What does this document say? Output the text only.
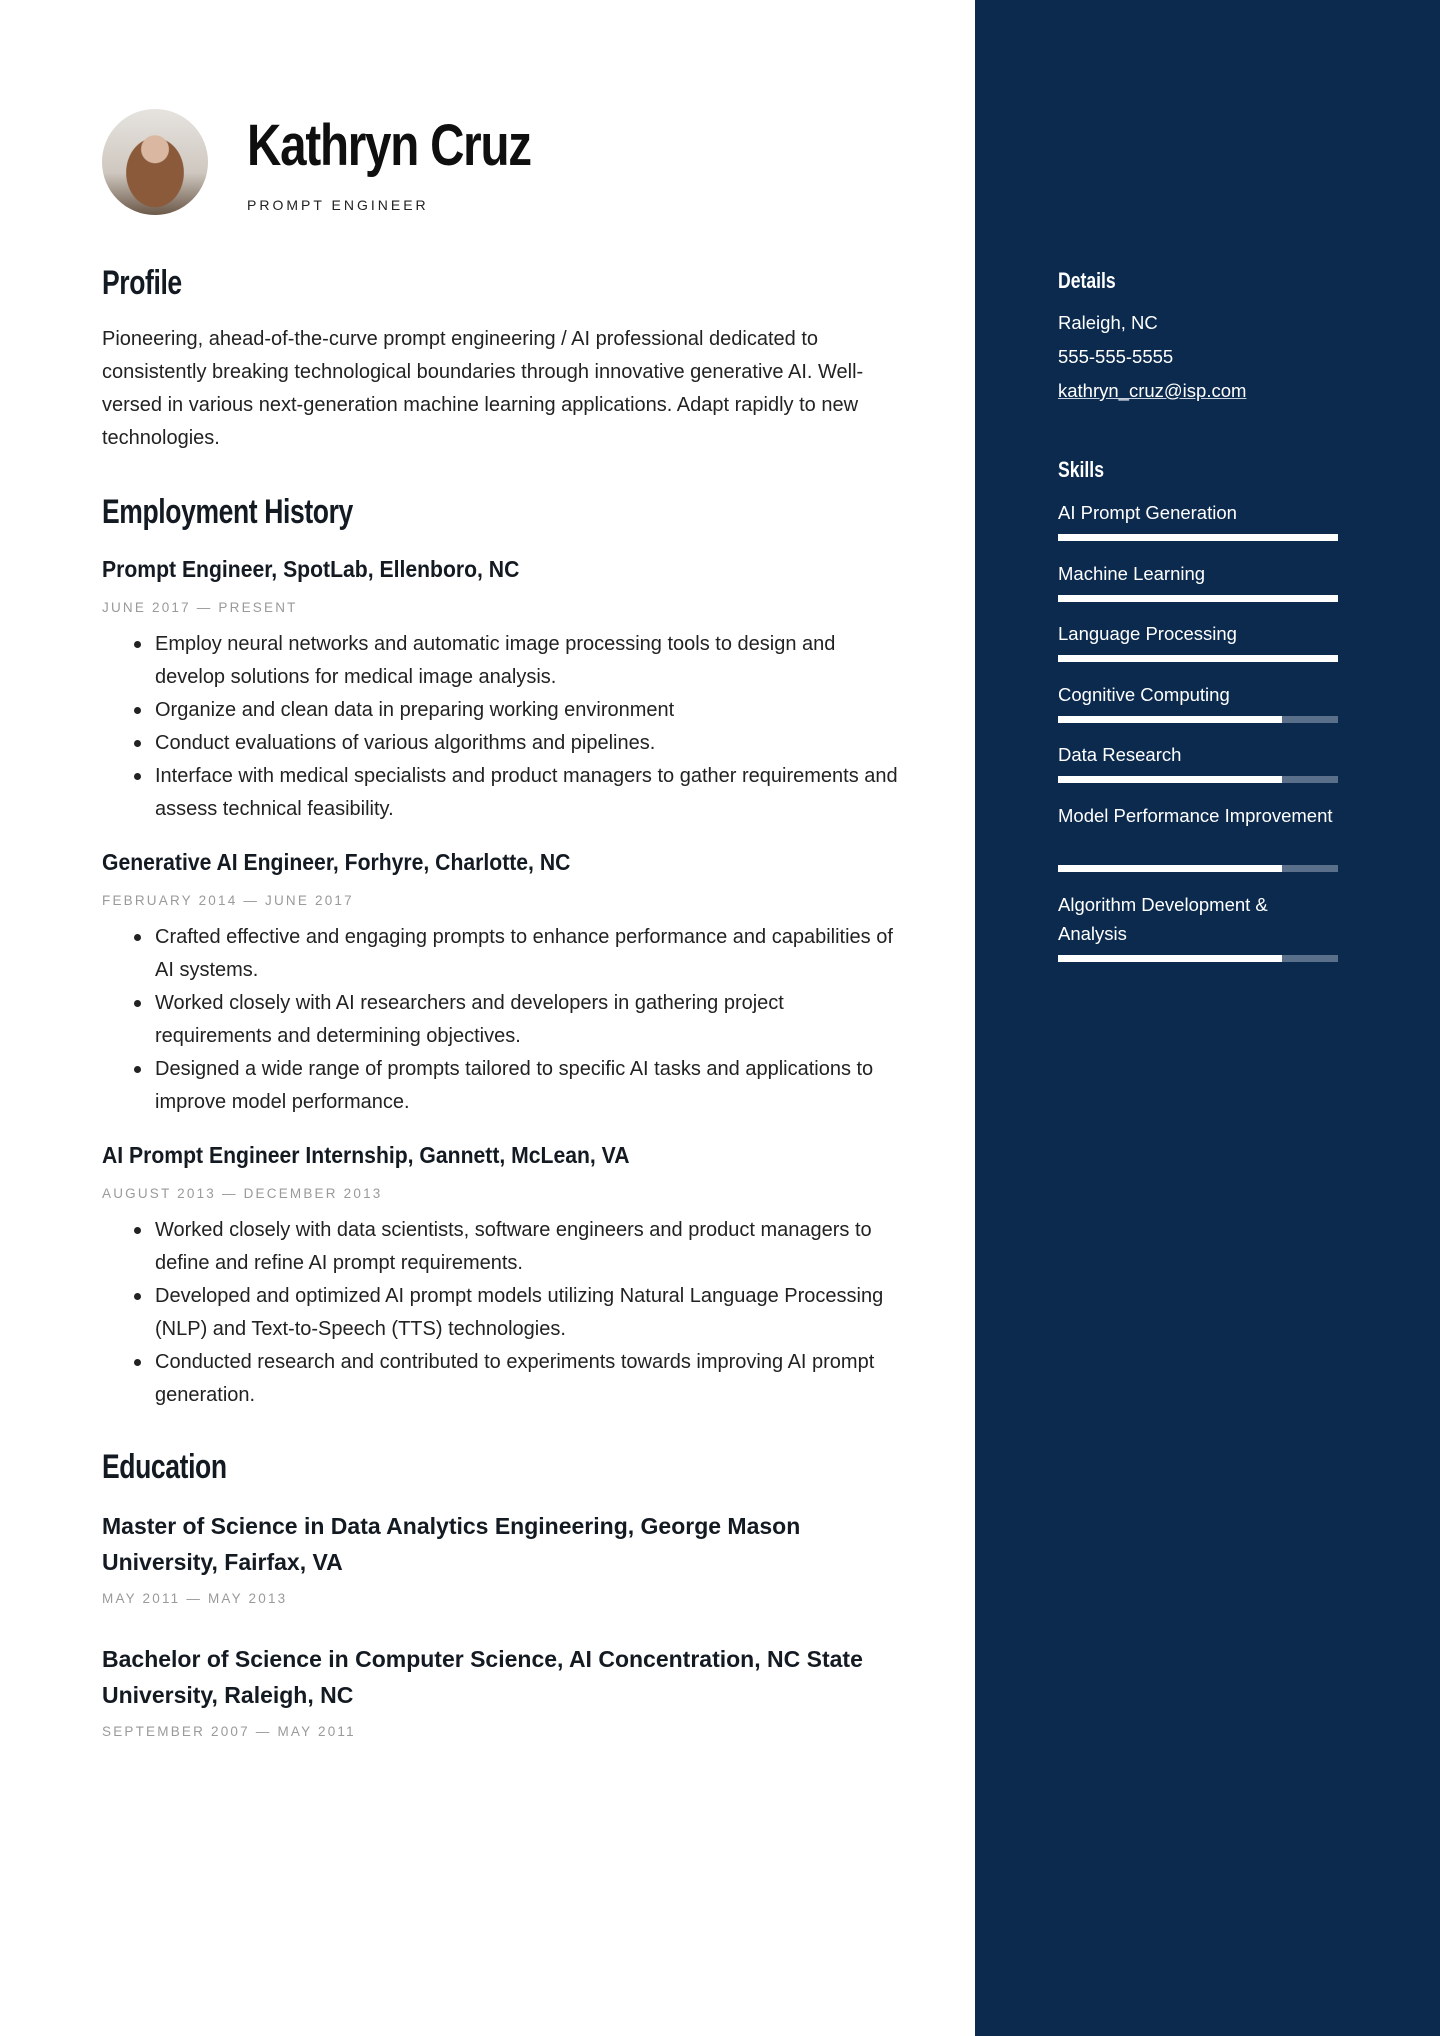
Kathryn Cruz
PROMPT ENGINEER
Profile
Pioneering, ahead-of-the-curve prompt engineering / AI professional dedicated to consistently breaking technological boundaries through innovative generative AI. Well-versed in various next-generation machine learning applications. Adapt rapidly to new technologies.
Employment History
Prompt Engineer, SpotLab, Ellenboro, NC
JUNE 2017 — PRESENT
Employ neural networks and automatic image processing tools to design and develop solutions for medical image analysis.
Organize and clean data in preparing working environment
Conduct evaluations of various algorithms and pipelines.
Interface with medical specialists and product managers to gather requirements and assess technical feasibility.
Generative AI Engineer, Forhyre, Charlotte, NC
FEBRUARY 2014 — JUNE 2017
Crafted effective and engaging prompts to enhance performance and capabilities of AI systems.
Worked closely with AI researchers and developers in gathering project requirements and determining objectives.
Designed a wide range of prompts tailored to specific AI tasks and applications to improve model performance.
AI Prompt Engineer Internship, Gannett, McLean, VA
AUGUST 2013 — DECEMBER 2013
Worked closely with data scientists, software engineers and product managers to define and refine AI prompt requirements.
Developed and optimized AI prompt models utilizing Natural Language Processing (NLP) and Text-to-Speech (TTS) technologies.
Conducted research and contributed to experiments towards improving AI prompt generation.
Education
Master of Science in Data Analytics Engineering, George Mason University, Fairfax, VA
MAY 2011 — MAY 2013
Bachelor of Science in Computer Science, AI Concentration, NC State University, Raleigh, NC
SEPTEMBER 2007 — MAY 2011
Details
Raleigh, NC
555-555-5555
kathryn_cruz@isp.com
Skills
AI Prompt Generation
Machine Learning
Language Processing
Cognitive Computing
Data Research
Model Performance Improvement
Algorithm Development & Analysis
